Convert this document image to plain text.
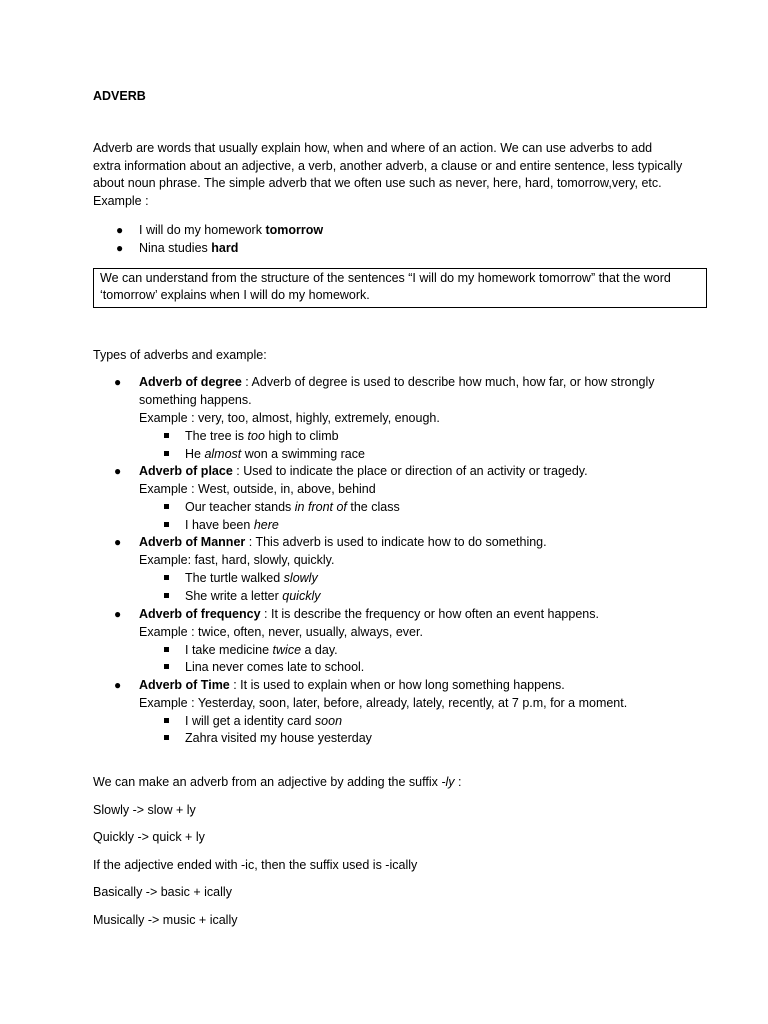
ADVERB
Adverb are words that usually explain how, when and where of an action. We can use adverbs to add extra information about an adjective, a verb, another adverb, a clause or and entire sentence, less typically about noun phrase. The simple adverb that we often use such as never, here, hard, tomorrow,very, etc. Example :
● I will do my homework tomorrow
● Nina studies hard
We can understand from the structure of the sentences “I will do my homework tomorrow” that the word ‘tomorrow’ explains when I will do my homework.
Types of adverbs and example:
● Adverb of degree : Adverb of degree is used to describe how much, how far, or how strongly something happens.
Example : very, too, almost, highly, extremely, enough.
The tree is too high to climb
He almost won a swimming race
● Adverb of place : Used to indicate the place or direction of an activity or tragedy.
Example : West, outside, in, above, behind
Our teacher stands in front of the class
I have been here
● Adverb of Manner : This adverb is used to indicate how to do something.
Example: fast, hard, slowly, quickly.
The turtle walked slowly
She write a letter quickly
● Adverb of frequency : It is describe the frequency or how often an event happens.
Example : twice, often, never, usually, always, ever.
I take medicine twice a day.
Lina never comes late to school.
● Adverb of Time : It is used to explain when or how long something happens.
Example : Yesterday, soon, later, before, already, lately, recently, at 7 p.m, for a moment.
I will get a identity card soon
Zahra visited my house yesterday

We can make an adverb from an adjective by adding the suffix -ly :

Slowly -> slow + ly

Quickly -> quick + ly

If the adjective ended with -ic, then the suffix used is -ically

Basically -> basic + ically

Musically -> music + ically
